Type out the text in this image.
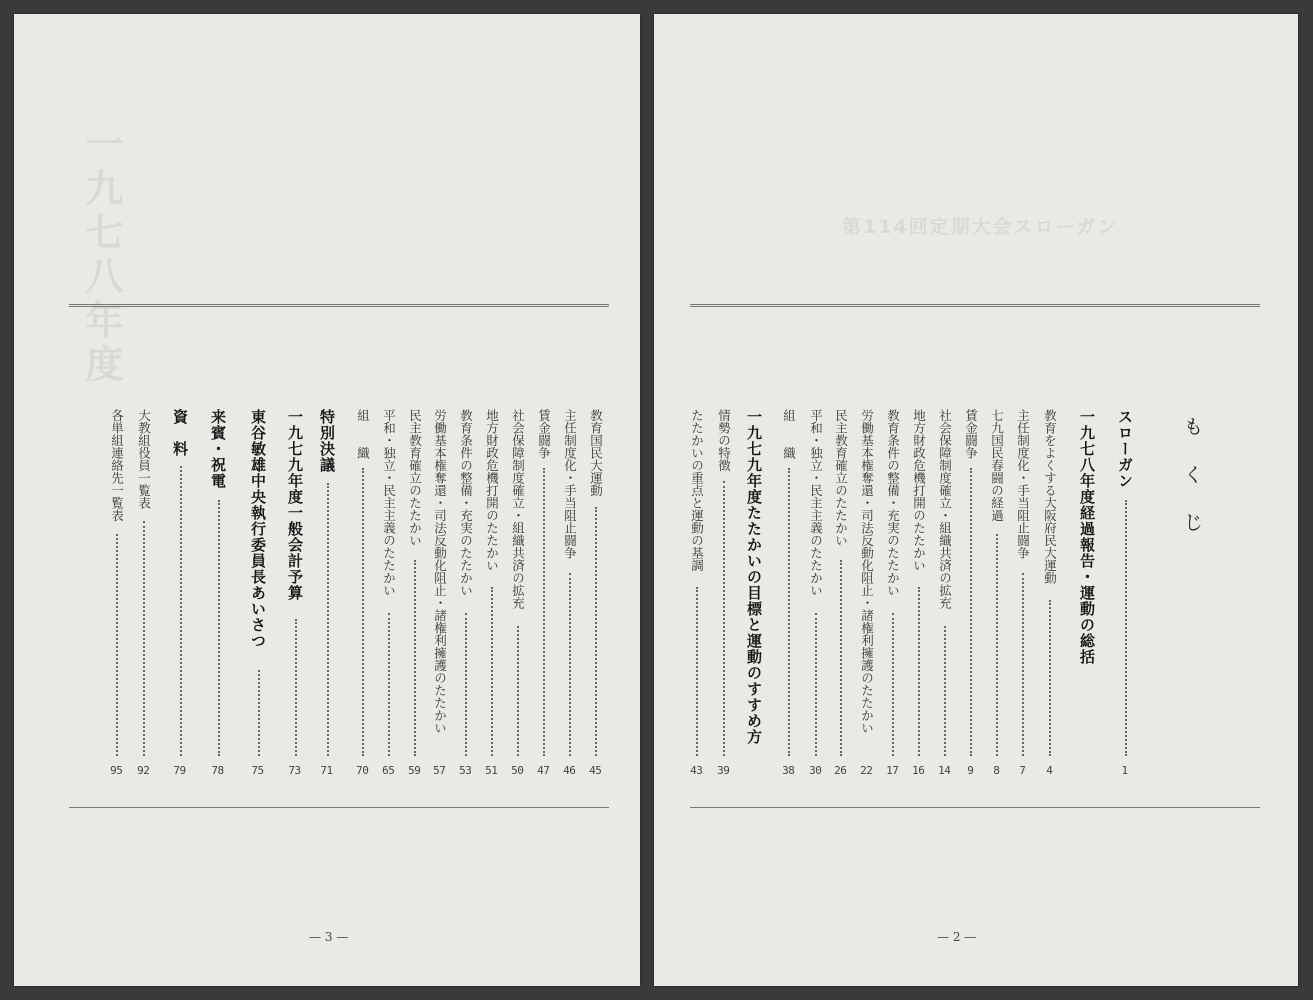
一九七八年度
教育国民大運動
45
主任制度化・手当阻止闘争
46
賃金闘争
47
社会保障制度確立・組織共済の拡充
50
地方財政危機打開のたたかい
51
教育条件の整備・充実のたたかい
53
労働基本権奪還・司法反動化阻止・諸権利擁護のたたかい
57
民主教育確立のたたかい
59
平和・独立・民主主義のたたかい
65
組　　織
70
特別決議
71
一九七九年度一般会計予算
73
東谷敏雄中央執行委員長あいさつ
75
来賓・祝電
78
資　料
79
大教組役員一覧表
92
各単組連絡先一覧表
95
— 3 —
第114回定期大会スローガン
もくじ
スローガン
1
一九七八年度経過報告・運動の総括
教育をよくする大阪府民大運動
4
主任制度化・手当阻止闘争
7
七九国民春闘の経過
8
賃金闘争
9
社会保障制度確立・組織共済の拡充
14
地方財政危機打開のたたかい
16
教育条件の整備・充実のたたかい
17
労働基本権奪還・司法反動化阻止・諸権利擁護のたたかい
22
民主教育確立のたたかい
26
平和・独立・民主主義のたたかい
30
組　　織
38
一九七九年度たたかいの目標と運動のすすめ方
情勢の特徴
39
たたかいの重点と運動の基調
43
— 2 —
